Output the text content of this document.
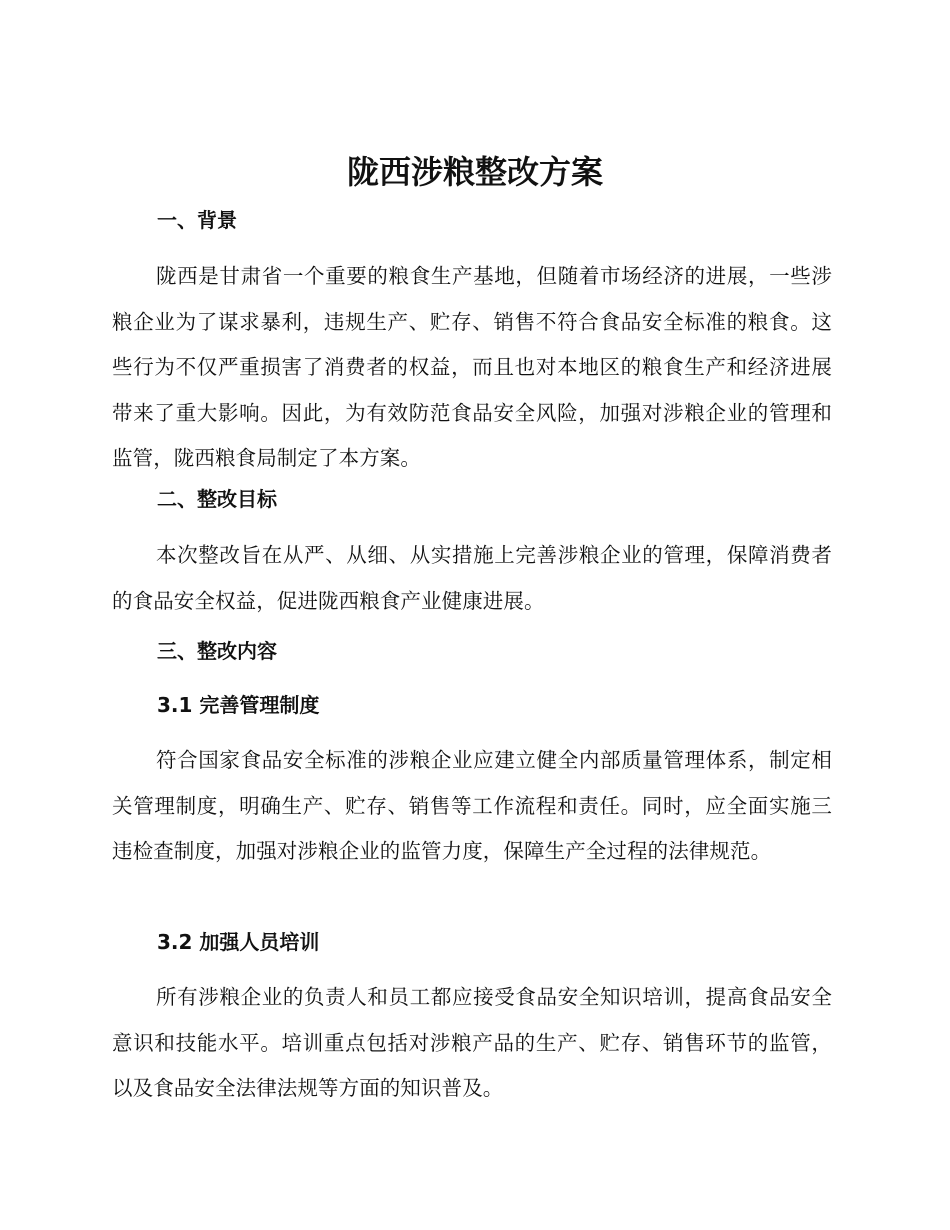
陇西涉粮整改方案
一、背景

陇西是甘肃省一个重要的粮食生产基地，但随着市场经济的进展，一些涉粮企业为了谋求暴利，违规生产、贮存、销售不符合食品安全标准的粮食。这些行为不仅严重损害了消费者的权益，而且也对本地区的粮食生产和经济进展带来了重大影响。因此，为有效防范食品安全风险，加强对涉粮企业的管理和监管，陇西粮食局制定了本方案。

二、整改目标

本次整改旨在从严、从细、从实措施上完善涉粮企业的管理，保障消费者的食品安全权益，促进陇西粮食产业健康进展。

三、整改内容
3.1 完善管理制度

符合国家食品安全标准的涉粮企业应建立健全内部质量管理体系，制定相关管理制度，明确生产、贮存、销售等工作流程和责任。同时，应全面实施三违检查制度，加强对涉粮企业的监管力度，保障生产全过程的法律规范。

3.2 加强人员培训

所有涉粮企业的负责人和员工都应接受食品安全知识培训，提高食品安全意识和技能水平。培训重点包括对涉粮产品的生产、贮存、销售环节的监管，以及食品安全法律法规等方面的知识普及。
